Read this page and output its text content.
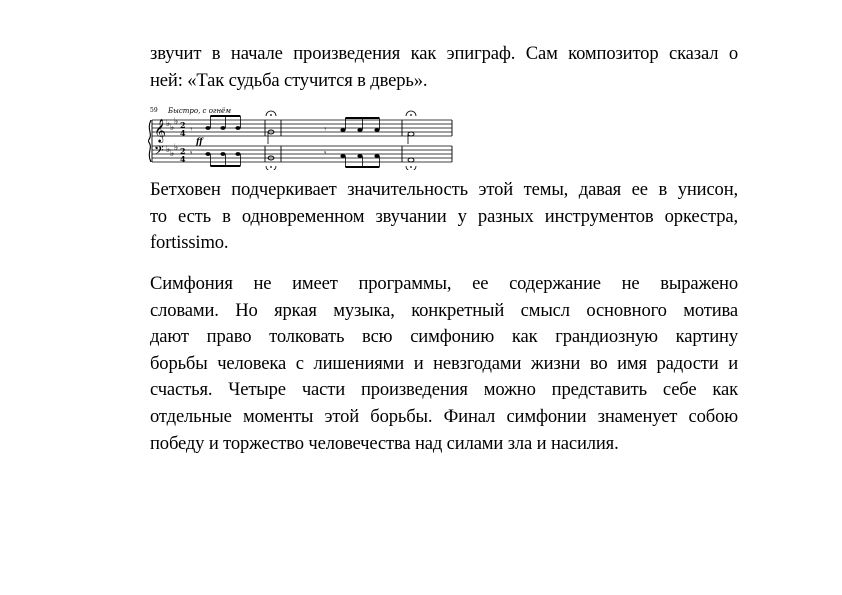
звучит в начале произведения как эпиграф. Сам композитор сказал о
ней: «Так судьба стучится в дверь».

59 Быстро, с огнём
𝄞
𝄢
♭ ♭
♭
♭ ♭
♭
2
4
2
4
𝄾
𝄾
ff
𝄾
𝄾

Бетховен подчеркивает значительность этой темы, давая ее в унисон,
то есть в одновременном звучании у разных инструментов оркестра,
fortissimo.

Симфония не имеет программы, ее содержание не выражено
словами. Но яркая музыка, конкретный смысл основного мотива
дают право толковать всю симфонию как грандиозную картину
борьбы человека с лишениями и невзгодами жизни во имя радости и
счастья. Четыре части произведения можно представить себе как
отдельные моменты этой борьбы. Финал симфонии знаменует собою
победу и торжество человечества над силами зла и насилия.
